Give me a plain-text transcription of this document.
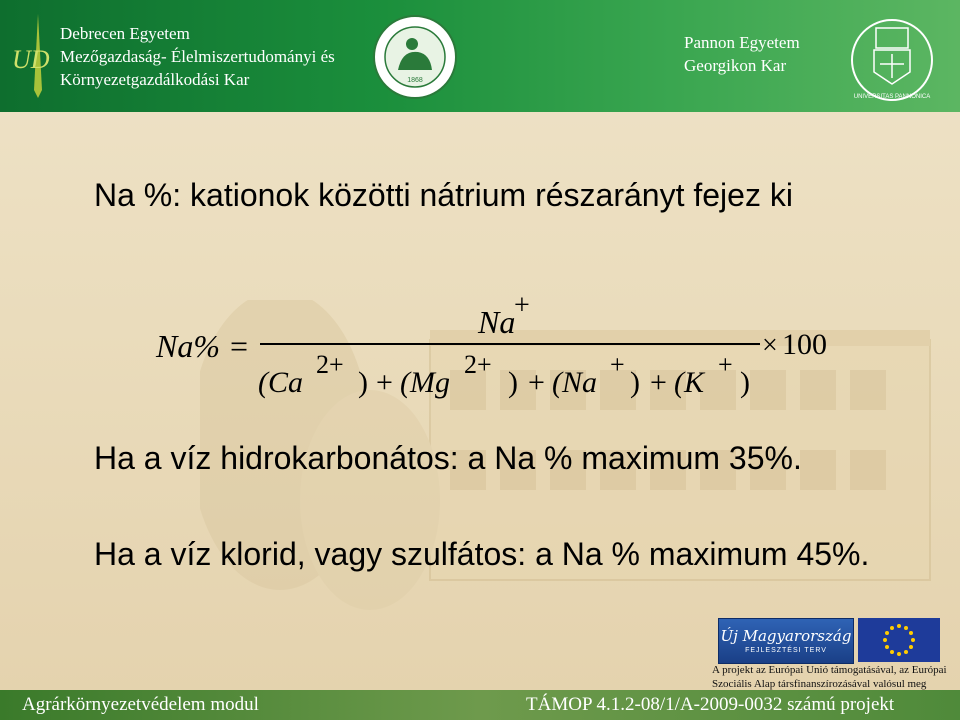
UD
Debrecen Egyetem
Mezőgazdaság- Élelmiszertudományi és
Környezetgazdálkodási Kar	1868
Pannon Egyetem
Georgikon Kar
UNIVERSITAS PANNONICA
Na %: kationok közötti nátrium részarányt fejez ki
Na% =
Na
+
(Ca
2+
) + (Mg
2+
) + (Na
+
) + (K
+
)
× 100
Ha a víz hidrokarbonátos: a Na % maximum 35%.
Ha a víz klorid, vagy szulfátos: a Na % maximum 45%.
Új Magyarország
FEJLESZTÉSI TERV
A projekt az Európai Unió támogatásával, az Európai
Szociális Alap társfinanszírozásával valósul meg
Agrárkörnyezetvédelem modul	TÁMOP 4.1.2-08/1/A-2009-0032 számú projekt
